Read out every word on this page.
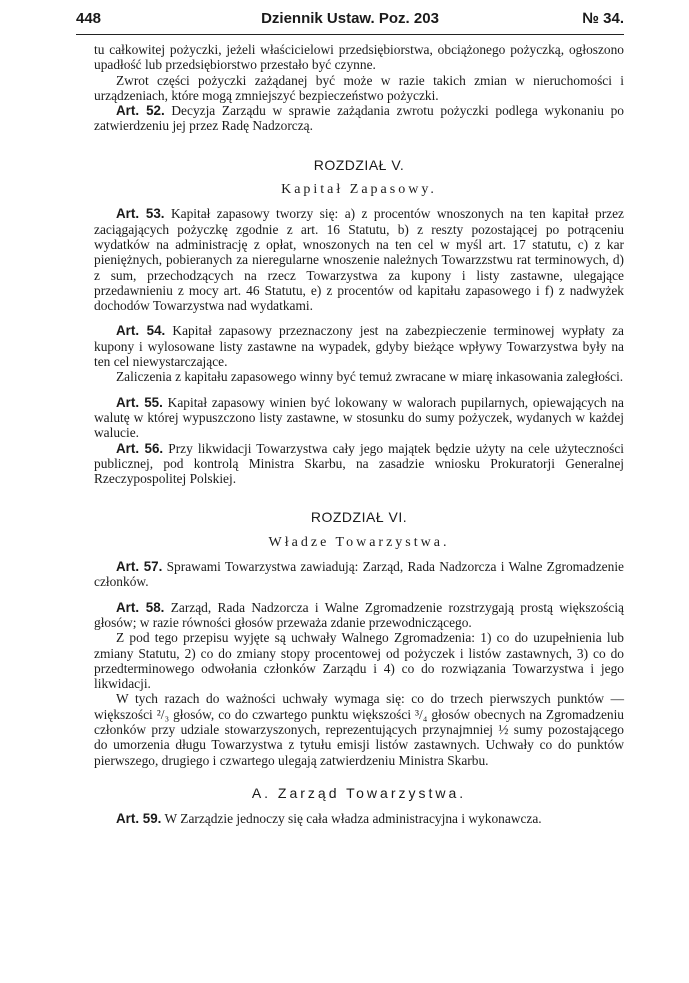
448	Dziennik Ustaw. Poz. 203	№ 34.

tu całkowitej pożyczki, jeżeli właścicielowi przedsiębiorstwa, obciążonego pożyczką, ogłoszono upadłość lub przedsiębiorstwo przestało być czynne.

Zwrot części pożyczki zażądanej być może w razie takich zmian w nieruchomości i urządzeniach, które mogą zmniejszyć bezpieczeństwo pożyczki.

Art. 52. Decyzja Zarządu w sprawie zażądania zwrotu pożyczki podlega wykonaniu po zatwierdzeniu jej przez Radę Nadzorczą.

ROZDZIAŁ V.
Kapitał Zapasowy.

Art. 53. Kapitał zapasowy tworzy się: a) z procentów wnoszonych na ten kapitał przez zaciągających pożyczkę zgodnie z art. 16 Statutu, b) z reszty pozostającej po potrąceniu wydatków na administrację z opłat, wnoszonych na ten cel w myśl art. 17 statutu, c) z kar pieniężnych, pobieranych za nieregularne wnoszenie należnych Towarzzstwu rat terminowych, d) z sum, przechodzących na rzecz Towarzystwa za kupony i listy zastawne, ulegające przedawnieniu z mocy art. 46 Statutu, e) z procentów od kapitału zapasowego i f) z nadwyżek dochodów Towarzystwa nad wydatkami.

Art. 54. Kapitał zapasowy przeznaczony jest na zabezpieczenie terminowej wypłaty za kupony i wylosowane listy zastawne na wypadek, gdyby bieżące wpływy Towarzystwa były na ten cel niewystarczające.

Zaliczenia z kapitału zapasowego winny być temuż zwracane w miarę inkasowania zaległości.

Art. 55. Kapitał zapasowy winien być lokowany w walorach pupilarnych, opiewających na walutę w której wypuszczono listy zastawne, w stosunku do sumy pożyczek, wydanych w każdej walucie.

Art. 56. Przy likwidacji Towarzystwa cały jego majątek będzie użyty na cele użyteczności publicznej, pod kontrolą Ministra Skarbu, na zasadzie wniosku Prokuratorji Generalnej Rzeczypospolitej Polskiej.

ROZDZIAŁ VI.
Władze Towarzystwa.

Art. 57. Sprawami Towarzystwa zawiadują: Zarząd, Rada Nadzorcza i Walne Zgromadzenie członków.

Art. 58. Zarząd, Rada Nadzorcza i Walne Zgromadzenie rozstrzygają prostą większością głosów; w razie równości głosów przeważa zdanie przewodniczącego.

Z pod tego przepisu wyjęte są uchwały Walnego Zgromadzenia: 1) co do uzupełnienia lub zmiany Statutu, 2) co do zmiany stopy procentowej od pożyczek i listów zastawnych, 3) co do przedterminowego odwołania członków Zarządu i 4) co do rozwiązania Towarzystwa i jego likwidacji.

W tych razach do ważności uchwały wymaga się: co do trzech pierwszych punktów — większości ²/₃ głosów, co do czwartego punktu większości ³/₄ głosów obecnych na Zgromadzeniu członków przy udziale stowarzyszonych, reprezentujących przynajmniej ½ sumy pozostającego do umorzenia długu Towarzystwa z tytułu emisji listów zastawnych. Uchwały co do punktów pierwszego, drugiego i czwartego ulegają zatwierdzeniu Ministra Skarbu.

A. Zarząd Towarzystwa.

Art. 59. W Zarządzie jednoczy się cała władza administracyjna i wykonawcza.
